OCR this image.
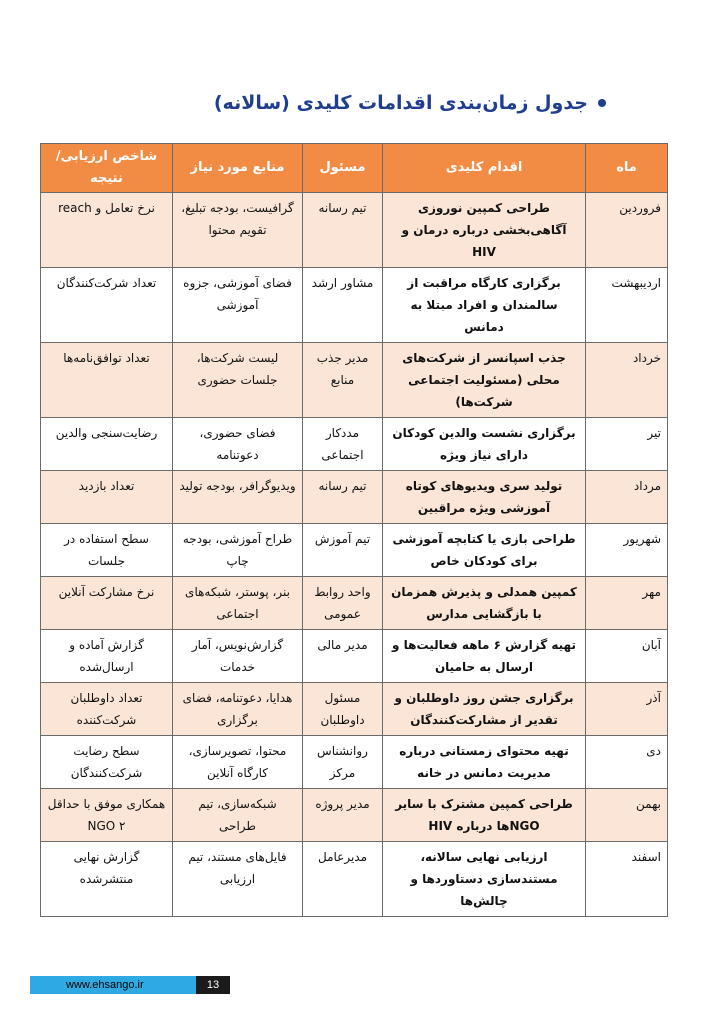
جدول زمان‌بندی اقدامات کلیدی (سالانه)
ماه	اقدام کلیدی	مسئول	منابع مورد نیاز	شاخص ارزیابی/نتیجه
فروردین	طراحی کمپین نوروزی آگاهی‌بخشی درباره درمان و HIV	تیم رسانه	گرافیست، بودجه تبلیغ، تقویم محتوا	نرخ تعامل و reach
اردیبهشت	برگزاری کارگاه مراقبت از سالمندان و افراد مبتلا به دمانس	مشاور ارشد	فضای آموزشی، جزوه آموزشی	تعداد شرکت‌کنندگان
خرداد	جذب اسپانسر از شرکت‌های محلی (مسئولیت اجتماعی شرکت‌ها)	مدیر جذب منابع	لیست شرکت‌ها، جلسات حضوری	تعداد توافق‌نامه‌ها
تیر	برگزاری نشست والدین کودکان دارای نیاز ویژه	مددکار اجتماعی	فضای حضوری، دعوتنامه	رضایت‌سنجی والدین
مرداد	تولید سری ویدیوهای کوتاه آموزشی ویژه مراقبین	تیم رسانه	ویدیوگرافر، بودجه تولید	تعداد بازدید
شهریور	طراحی بازی یا کتابچه آموزشی برای کودکان خاص	تیم آموزش	طراح آموزشی، بودجه چاپ	سطح استفاده در جلسات
مهر	کمپین همدلی و پذیرش همزمان با بازگشایی مدارس	واحد روابط عمومی	بنر، پوستر، شبکه‌های اجتماعی	نرخ مشارکت آنلاین
آبان	تهیه گزارش ۶ ماهه فعالیت‌ها و ارسال به حامیان	مدیر مالی	گزارش‌نویس، آمار خدمات	گزارش آماده و ارسال‌شده
آذر	برگزاری جشن روز داوطلبان و تقدیر از مشارکت‌کنندگان	مسئول داوطلبان	هدایا، دعوتنامه، فضای برگزاری	تعداد داوطلبان شرکت‌کننده
دی	تهیه محتوای زمستانی درباره مدیریت دمانس در خانه	روانشناس مرکز	محتوا، تصویرسازی، کارگاه آنلاین	سطح رضایت شرکت‌کنندگان
بهمن	طراحی کمپین مشترک با سایر NGOها درباره HIV	مدیر پروژه	شبکه‌سازی، تیم طراحی	همکاری موفق با حداقل ۲ NGO
اسفند	ارزیابی نهایی سالانه، مستندسازی دستاوردها و چالش‌ها	مدیرعامل	فایل‌های مستند، تیم ارزیابی	گزارش نهایی منتشرشده
www.ehsango.ir	13
